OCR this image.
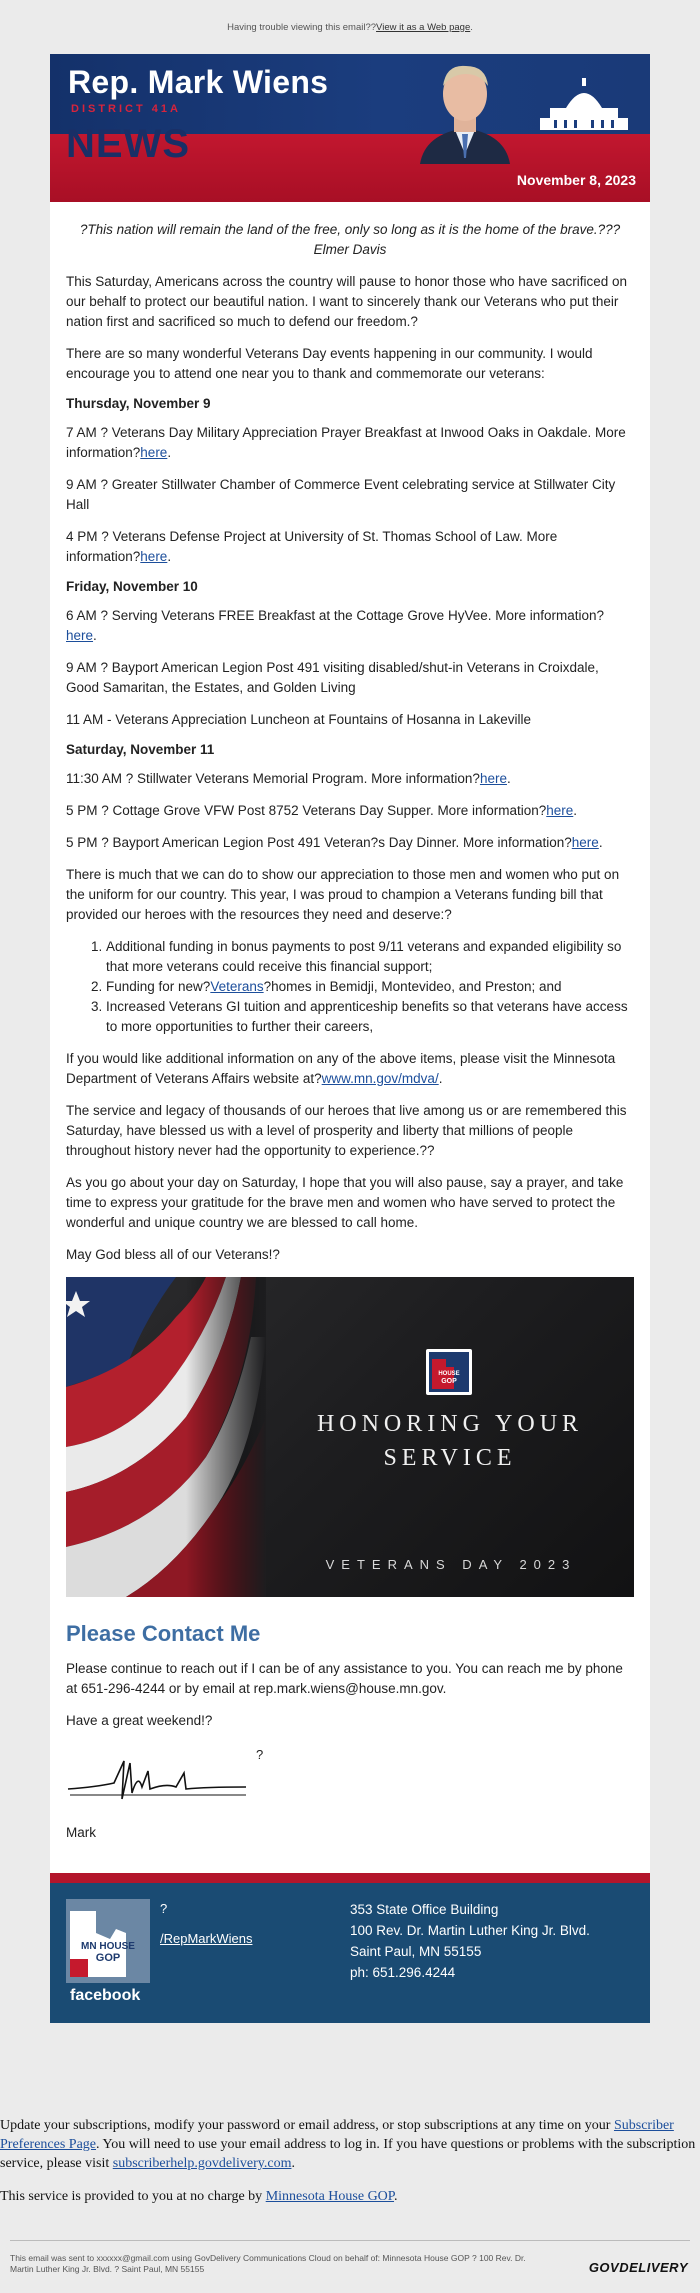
Having trouble viewing this email?? View it as a Web page .
Rep. Mark Wiens
DISTRICT 41A
NEWS
November 8, 2023

?This nation will remain the land of the free, only so long as it is the home of the brave.??? Elmer Davis

This Saturday, Americans across the country will pause to honor those who have sacrificed on our behalf to protect our beautiful nation. I want to sincerely thank our Veterans who put their nation first and sacrificed so much to defend our freedom.?

There are so many wonderful Veterans Day events happening in our community. I would encourage you to attend one near you to thank and commemorate our veterans:

Thursday, November 9

7 AM ? Veterans Day Military Appreciation Prayer Breakfast at Inwood Oaks in Oakdale. More information?here.

9 AM ? Greater Stillwater Chamber of Commerce Event celebrating service at Stillwater City Hall

4 PM ? Veterans Defense Project at University of St. Thomas School of Law. More information?here.

Friday, November 10

6 AM ? Serving Veterans FREE Breakfast at the Cottage Grove HyVee. More information?here.

9 AM ? Bayport American Legion Post 491 visiting disabled/shut-in Veterans in Croixdale, Good Samaritan, the Estates, and Golden Living

11 AM - Veterans Appreciation Luncheon at Fountains of Hosanna in Lakeville

Saturday, November 11

11:30 AM ? Stillwater Veterans Memorial Program. More information?here.

5 PM ? Cottage Grove VFW Post 8752 Veterans Day Supper. More information?here.

5 PM ? Bayport American Legion Post 491 Veteran?s Day Dinner. More information?here.

There is much that we can do to show our appreciation to those men and women who put on the uniform for our country. This year, I was proud to champion a Veterans funding bill that provided our heroes with the resources they need and deserve:?

1. Additional funding in bonus payments to post 9/11 veterans and expanded eligibility so that more veterans could receive this financial support;
2. Funding for new?Veterans?homes in Bemidji, Montevideo, and Preston; and
3. Increased Veterans GI tuition and apprenticeship benefits so that veterans have access to more opportunities to further their careers,

If you would like additional information on any of the above items, please visit the Minnesota Department of Veterans Affairs website at?www.mn.gov/mdva/.

The service and legacy of thousands of our heroes that live among us or are remembered this Saturday, have blessed us with a level of prosperity and liberty that millions of people throughout history never had the opportunity to experience.??

As you go about your day on Saturday, I hope that you will also pause, say a prayer, and take time to express your gratitude for the brave men and women who have served to protect the wonderful and unique country we are blessed to call home.

May God bless all of our Veterans!?

HOUSE
GOP
HONORING YOUR
SERVICE
VETERANS DAY 2023
Please Contact Me

Please continue to reach out if I can be of any assistance to you. You can reach me by phone at 651-296-4244 or by email at rep.mark.wiens@house.mn.gov.

Have a great weekend!?

?

Mark

MN HOUSE
GOP
facebook
?
/RepMarkWiens
353 State Office Building
100 Rev. Dr. Martin Luther King Jr. Blvd.
Saint Paul, MN 55155
ph: 651.296.4244

Update your subscriptions, modify your password or email address, or stop subscriptions at any time on your Subscriber Preferences Page. You will need to use your email address to log in. If you have questions or problems with the subscription service, please visit subscriberhelp.govdelivery.com.

This service is provided to you at no charge by Minnesota House GOP.

This email was sent to xxxxxx@gmail.com using GovDelivery Communications Cloud on behalf of: Minnesota House GOP ? 100 Rev. Dr. Martin Luther King Jr. Blvd. ? Saint Paul, MN 55155	GOVDELIVERY
